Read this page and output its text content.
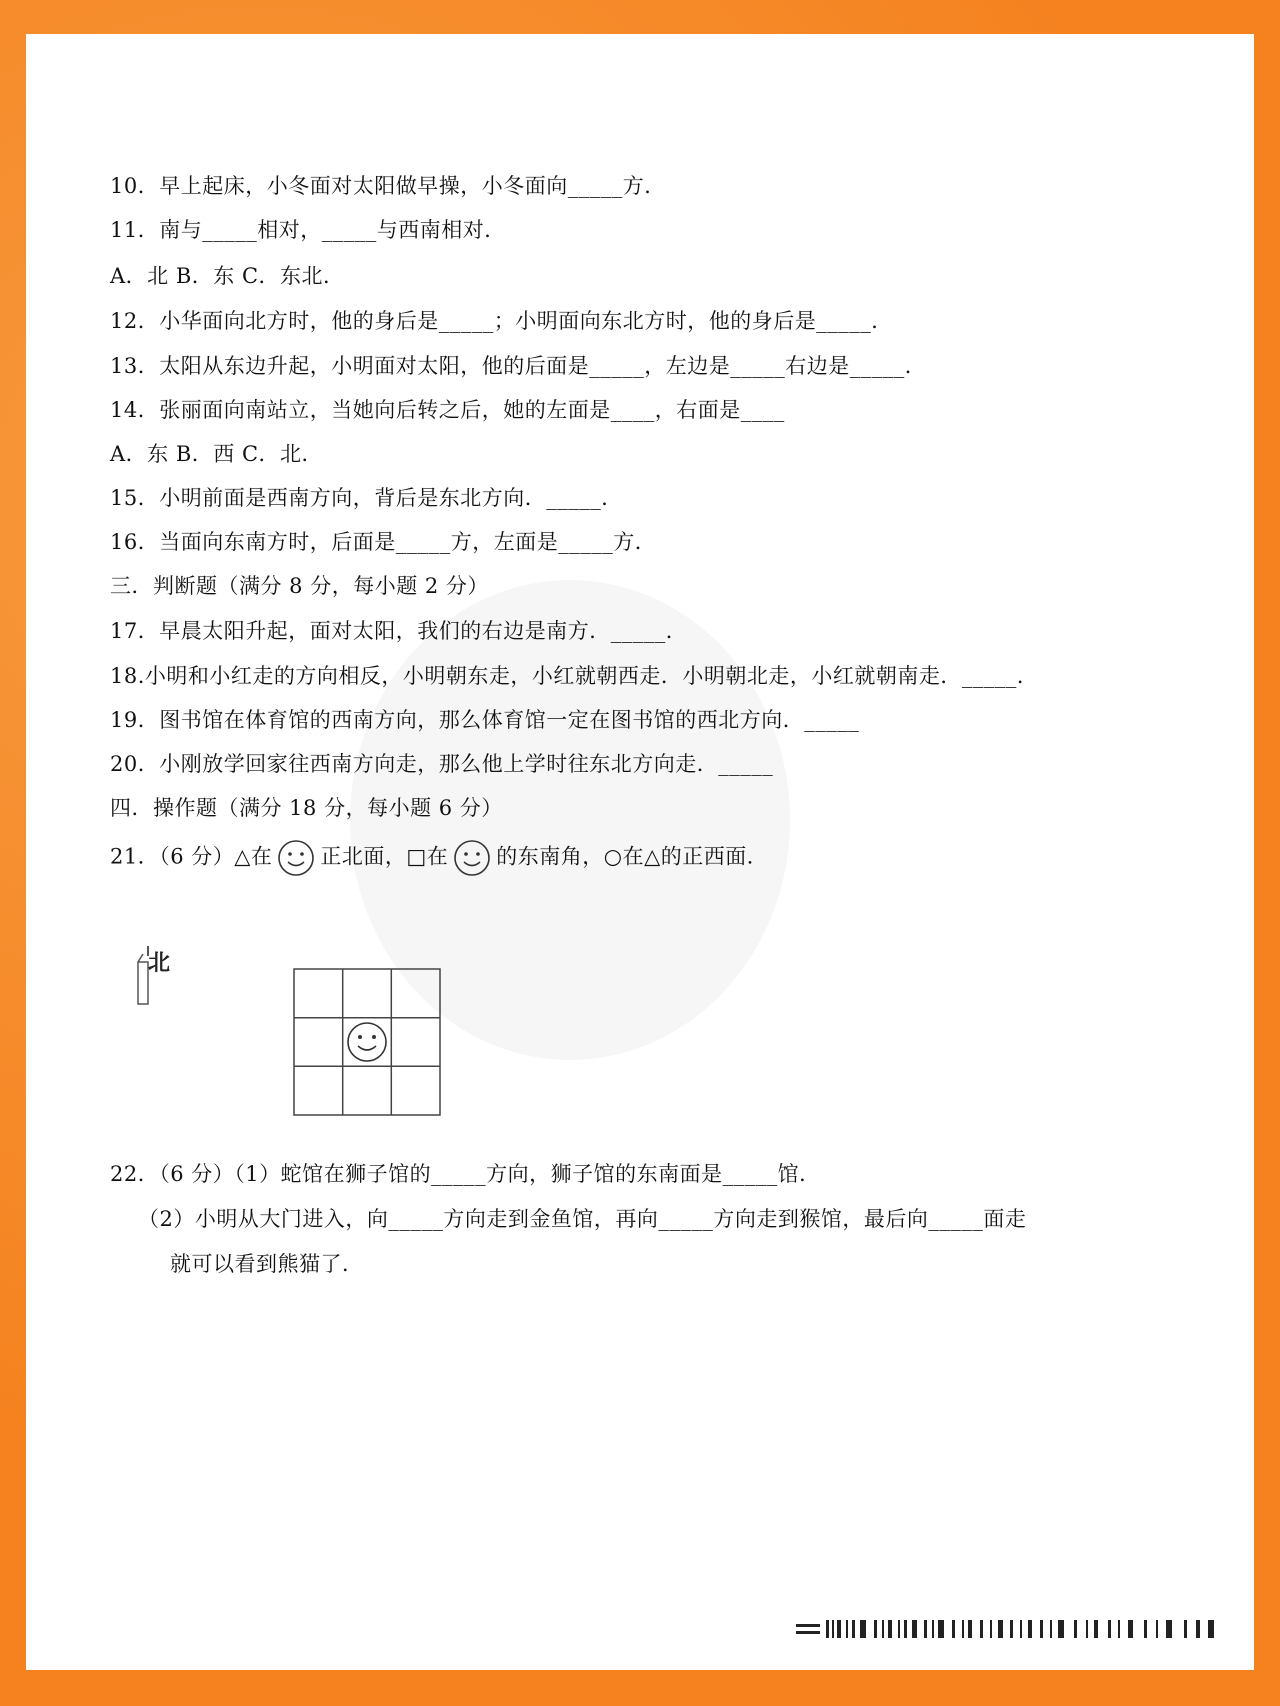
10．早上起床，小冬面对太阳做早操，小冬面向_____方．
11．南与_____相对，_____与西南相对．
A．北 B．东 C．东北．
12．小华面向北方时，他的身后是_____；小明面向东北方时，他的身后是_____．
13．太阳从东边升起，小明面对太阳，他的后面是_____，左边是_____右边是_____．
14．张丽面向南站立，当她向后转之后，她的左面是____，右面是____
A．东 B．西 C．北．
15．小明前面是西南方向，背后是东北方向．_____．
16．当面向东南方时，后面是_____方，左面是_____方．
三．判断题（满分 8 分，每小题 2 分）
17．早晨太阳升起，面对太阳，我们的右边是南方．_____．
18.小明和小红走的方向相反，小明朝东走，小红就朝西走．小明朝北走，小红就朝南走．_____．
19．图书馆在体育馆的西南方向，那么体育馆一定在图书馆的西北方向．_____
20．小刚放学回家往西南方向走，那么他上学时往东北方向走．_____
四．操作题（满分 18 分，每小题 6 分）
21．（6 分）△在 正北面，□在 的东南角，○在△的正西面．
北
22．（6 分）（1）蛇馆在狮子馆的_____方向，狮子馆的东南面是_____馆．
（2）小明从大门进入，向_____方向走到金鱼馆，再向_____方向走到猴馆，最后向_____面走
就可以看到熊猫了．
